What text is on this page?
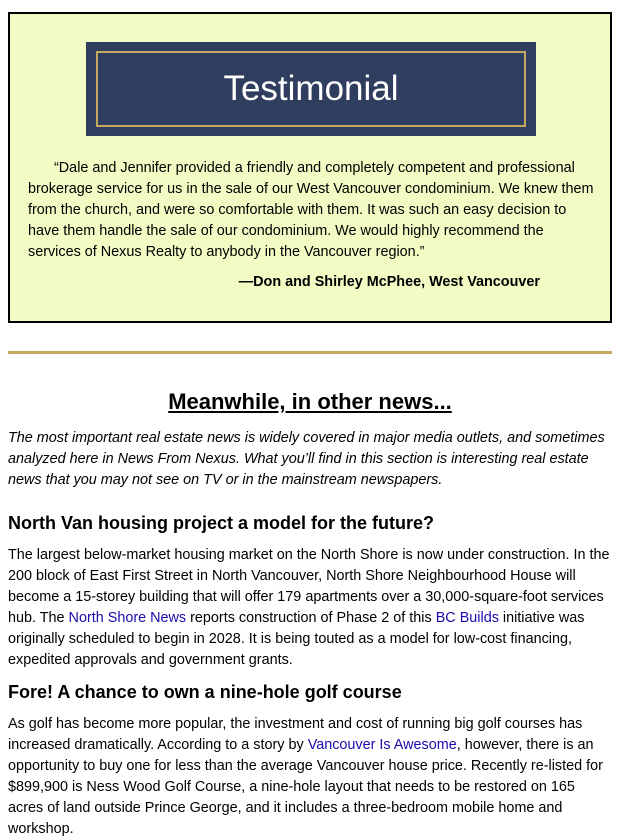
Testimonial

“Dale and Jennifer provided a friendly and completely competent and professional brokerage service for us in the sale of our West Vancouver condominium. We knew them from the church, and were so comfortable with them. It was such an easy decision to have them handle the sale of our condominium. We would highly recommend the services of Nexus Realty to anybody in the Vancouver region.”

—Don and Shirley McPhee, West Vancouver

Meanwhile, in other news...

The most important real estate news is widely covered in major media outlets, and sometimes analyzed here in News From Nexus. What you’ll find in this section is interesting real estate news that you may not see on TV or in the mainstream newspapers.

North Van housing project a model for the future?

The largest below-market housing market on the North Shore is now under construction. In the 200 block of East First Street in North Vancouver, North Shore Neighbourhood House will become a 15-storey building that will offer 179 apartments over a 30,000-square-foot services hub. The North Shore News reports construction of Phase 2 of this BC Builds initiative was originally scheduled to begin in 2028. It is being touted as a model for low-cost financing, expedited approvals and government grants.

Fore! A chance to own a nine-hole golf course

As golf has become more popular, the investment and cost of running big golf courses has increased dramatically. According to a story by Vancouver Is Awesome, however, there is an opportunity to buy one for less than the average Vancouver house price. Recently re-listed for $899,900 is Ness Wood Golf Course, a nine-hole layout that needs to be restored on 165 acres of land outside Prince George, and it includes a three-bedroom mobile home and workshop.
